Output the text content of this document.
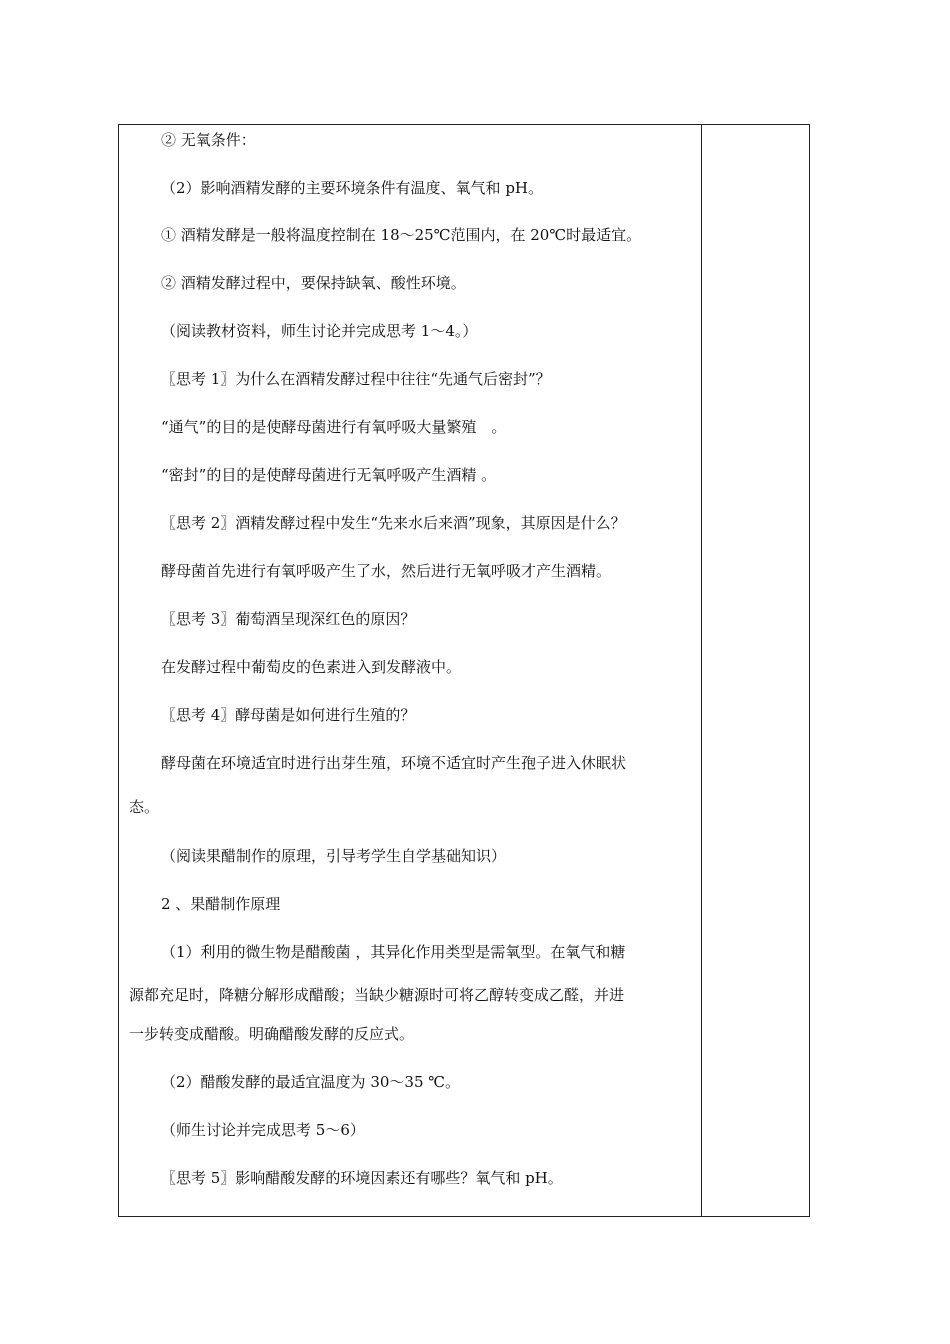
② 无氧条件：
（2）影响酒精发酵的主要环境条件有温度、氧气和 pH。
① 酒精发酵是一般将温度控制在 18～25℃范围内，在 20℃时最适宜。
② 酒精发酵过程中，要保持缺氧、酸性环境。
（阅读教材资料，师生讨论并完成思考 1～4。）
〖思考 1〗为什么在酒精发酵过程中往往“先通气后密封”？
“通气”的目的是使酵母菌进行有氧呼吸大量繁殖　。
“密封”的目的是使酵母菌进行无氧呼吸产生酒精 。
〖思考 2〗酒精发酵过程中发生“先来水后来酒”现象，其原因是什么？
酵母菌首先进行有氧呼吸产生了水，然后进行无氧呼吸才产生酒精。
〖思考 3〗葡萄酒呈现深红色的原因？
在发酵过程中葡萄皮的色素进入到发酵液中。
〖思考 4〗酵母菌是如何进行生殖的？
酵母菌在环境适宜时进行出芽生殖，环境不适宜时产生孢子进入休眠状
态。
（阅读果醋制作的原理，引导考学生自学基础知识）
2 、果醋制作原理
（1）利用的微生物是醋酸菌 ，其异化作用类型是需氧型。在氧气和糖
源都充足时，降糖分解形成醋酸；当缺少糖源时可将乙醇转变成乙醛，并进
一步转变成醋酸。明确醋酸发酵的反应式。
（2）醋酸发酵的最适宜温度为 30～35 ℃。
（师生讨论并完成思考 5～6）
〖思考 5〗影响醋酸发酵的环境因素还有哪些？氧气和 pH。
